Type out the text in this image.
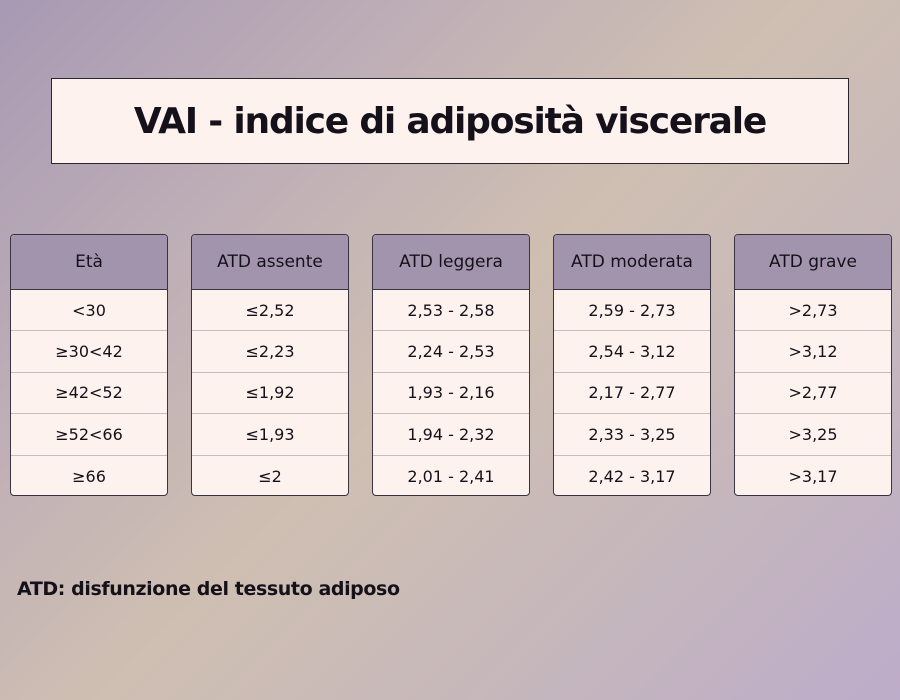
VAI - indice di adiposità viscerale
Età
<30
≥30<42
≥42<52
≥52<66
≥66
ATD assente
≤2,52
≤2,23
≤1,92
≤1,93
≤2
ATD leggera
2,53 - 2,58
2,24 - 2,53
1,93 - 2,16
1,94 - 2,32
2,01 - 2,41
ATD moderata
2,59 - 2,73
2,54 - 3,12
2,17 - 2,77
2,33 - 3,25
2,42 - 3,17
ATD grave
>2,73
>3,12
>2,77
>3,25
>3,17

ATD: disfunzione del tessuto adiposo
